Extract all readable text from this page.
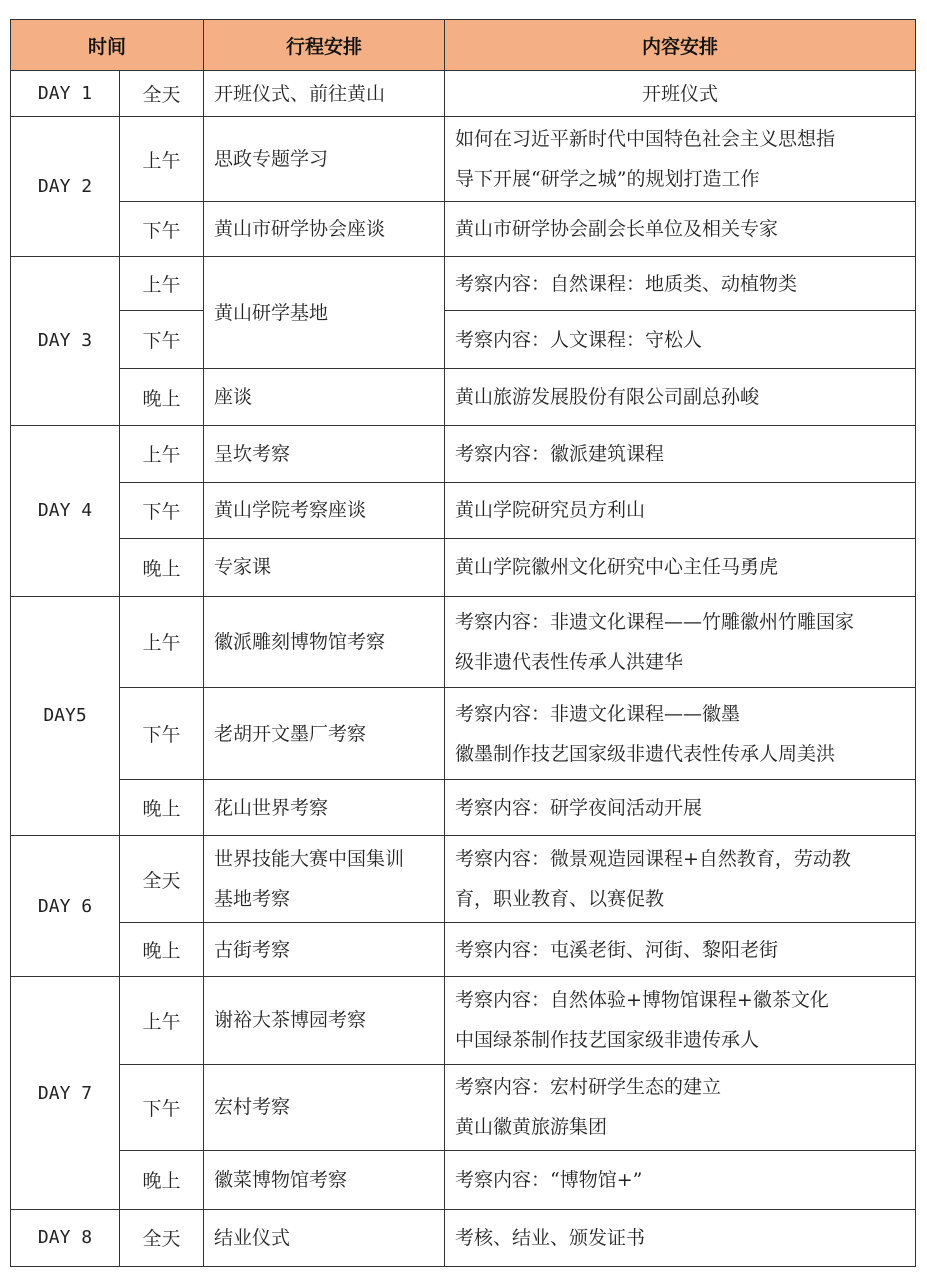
时间		行程安排	内容安排
DAY 1	全天	开班仪式、前往黄山	开班仪式

DAY 2	上午	思政专题学习	如何在习近平新时代中国特色社会主义思想指
导下开展“研学之城”的规划打造工作

	下午	黄山市研学协会座谈	黄山市研学协会副会长单位及相关专家

DAY 3	上午	黄山研学基地	考察内容：自然课程：地质类、动植物类

	下午		考察内容：人文课程：守松人

	晚上	座谈	黄山旅游发展股份有限公司副总孙峻

DAY 4	上午	呈坎考察	考察内容：徽派建筑课程

	下午	黄山学院考察座谈	黄山学院研究员方利山

	晚上	专家课	黄山学院徽州文化研究中心主任马勇虎

DAY5	上午	徽派雕刻博物馆考察	考察内容：非遗文化课程——竹雕徽州竹雕国家
级非遗代表性传承人洪建华

	下午	老胡开文墨厂考察	考察内容：非遗文化课程——徽墨
徽墨制作技艺国家级非遗代表性传承人周美洪

	晚上	花山世界考察	考察内容：研学夜间活动开展

DAY 6	全天	世界技能大赛中国集训
基地考察	考察内容：微景观造园课程+自然教育，劳动教
育，职业教育、以赛促教

	晚上	古街考察	考察内容：屯溪老街、河街、黎阳老街

DAY 7	上午	谢裕大茶博园考察	考察内容：自然体验+博物馆课程+徽茶文化
中国绿茶制作技艺国家级非遗传承人

	下午	宏村考察	考察内容：宏村研学生态的建立
黄山徽黄旅游集团

	晚上	徽菜博物馆考察	考察内容：“博物馆+”

DAY 8	全天	结业仪式	考核、结业、颁发证书
